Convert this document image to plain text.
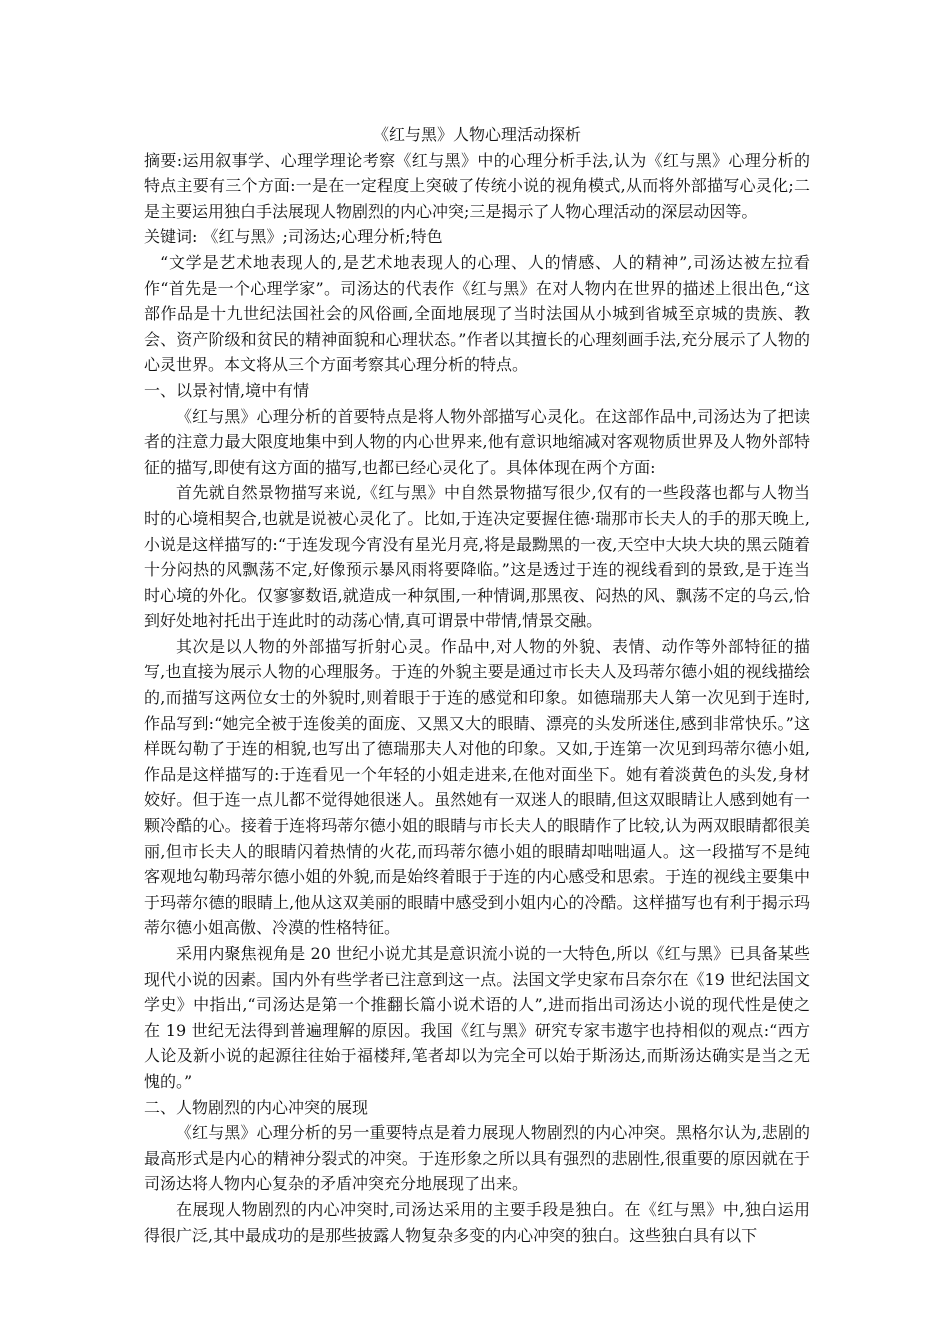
《红与黑》人物心理活动探析

摘要:运用叙事学、心理学理论考察《红与黑》中的心理分析手法,认为《红与黑》心理分析的特点主要有三个方面:一是在一定程度上突破了传统小说的视角模式,从而将外部描写心灵化;二是主要运用独白手法展现人物剧烈的内心冲突;三是揭示了人物心理活动的深层动因等。

关键词: 《红与黑》;司汤达;心理分析;特色

“文学是艺术地表现人的,是艺术地表现人的心理、人的情感、人的精神”,司汤达被左拉看作“首先是一个心理学家”。司汤达的代表作《红与黑》在对人物内在世界的描述上很出色,“这部作品是十九世纪法国社会的风俗画,全面地展现了当时法国从小城到省城至京城的贵族、教会、资产阶级和贫民的精神面貌和心理状态。”作者以其擅长的心理刻画手法,充分展示了人物的心灵世界。本文将从三个方面考察其心理分析的特点。

一、以景衬情,境中有情

《红与黑》心理分析的首要特点是将人物外部描写心灵化。在这部作品中,司汤达为了把读者的注意力最大限度地集中到人物的内心世界来,他有意识地缩减对客观物质世界及人物外部特征的描写,即使有这方面的描写,也都已经心灵化了。具体体现在两个方面:

首先就自然景物描写来说,《红与黑》中自然景物描写很少,仅有的一些段落也都与人物当时的心境相契合,也就是说被心灵化了。比如,于连决定要握住德·瑞那市长夫人的手的那天晚上,小说是这样描写的:“于连发现今宵没有星光月亮,将是最黝黑的一夜,天空中大块大块的黑云随着十分闷热的风飘荡不定,好像预示暴风雨将要降临。”这是透过于连的视线看到的景致,是于连当时心境的外化。仅寥寥数语,就造成一种氛围,一种情调,那黑夜、闷热的风、飘荡不定的乌云,恰到好处地衬托出于连此时的动荡心情,真可谓景中带情,情景交融。

其次是以人物的外部描写折射心灵。作品中,对人物的外貌、表情、动作等外部特征的描写,也直接为展示人物的心理服务。于连的外貌主要是通过市长夫人及玛蒂尔德小姐的视线描绘的,而描写这两位女士的外貌时,则着眼于于连的感觉和印象。如德瑞那夫人第一次见到于连时,作品写到:“她完全被于连俊美的面庞、又黑又大的眼睛、漂亮的头发所迷住,感到非常快乐。”这样既勾勒了于连的相貌,也写出了德瑞那夫人对他的印象。又如,于连第一次见到玛蒂尔德小姐,作品是这样描写的:于连看见一个年轻的小姐走进来,在他对面坐下。她有着淡黄色的头发,身材姣好。但于连一点儿都不觉得她很迷人。虽然她有一双迷人的眼睛,但这双眼睛让人感到她有一颗冷酷的心。接着于连将玛蒂尔德小姐的眼睛与市长夫人的眼睛作了比较,认为两双眼睛都很美丽,但市长夫人的眼睛闪着热情的火花,而玛蒂尔德小姐的眼睛却咄咄逼人。这一段描写不是纯客观地勾勒玛蒂尔德小姐的外貌,而是始终着眼于于连的内心感受和思索。于连的视线主要集中于玛蒂尔德的眼睛上,他从这双美丽的眼睛中感受到小姐内心的冷酷。这样描写也有利于揭示玛蒂尔德小姐高傲、冷漠的性格特征。

采用内聚焦视角是 20 世纪小说尤其是意识流小说的一大特色,所以《红与黑》已具备某些现代小说的因素。国内外有些学者已注意到这一点。法国文学史家布吕奈尔在《19 世纪法国文学史》中指出,“司汤达是第一个推翻长篇小说术语的人”,进而指出司汤达小说的现代性是使之在 19 世纪无法得到普遍理解的原因。我国《红与黑》研究专家韦遨宇也持相似的观点:“西方人论及新小说的起源往往始于福楼拜,笔者却以为完全可以始于斯汤达,而斯汤达确实是当之无愧的。”

二、人物剧烈的内心冲突的展现

《红与黑》心理分析的另一重要特点是着力展现人物剧烈的内心冲突。黑格尔认为,悲剧的最高形式是内心的精神分裂式的冲突。于连形象之所以具有强烈的悲剧性,很重要的原因就在于司汤达将人物内心复杂的矛盾冲突充分地展现了出来。

在展现人物剧烈的内心冲突时,司汤达采用的主要手段是独白。在《红与黑》中,独白运用得很广泛,其中最成功的是那些披露人物复杂多变的内心冲突的独白。这些独白具有以下
